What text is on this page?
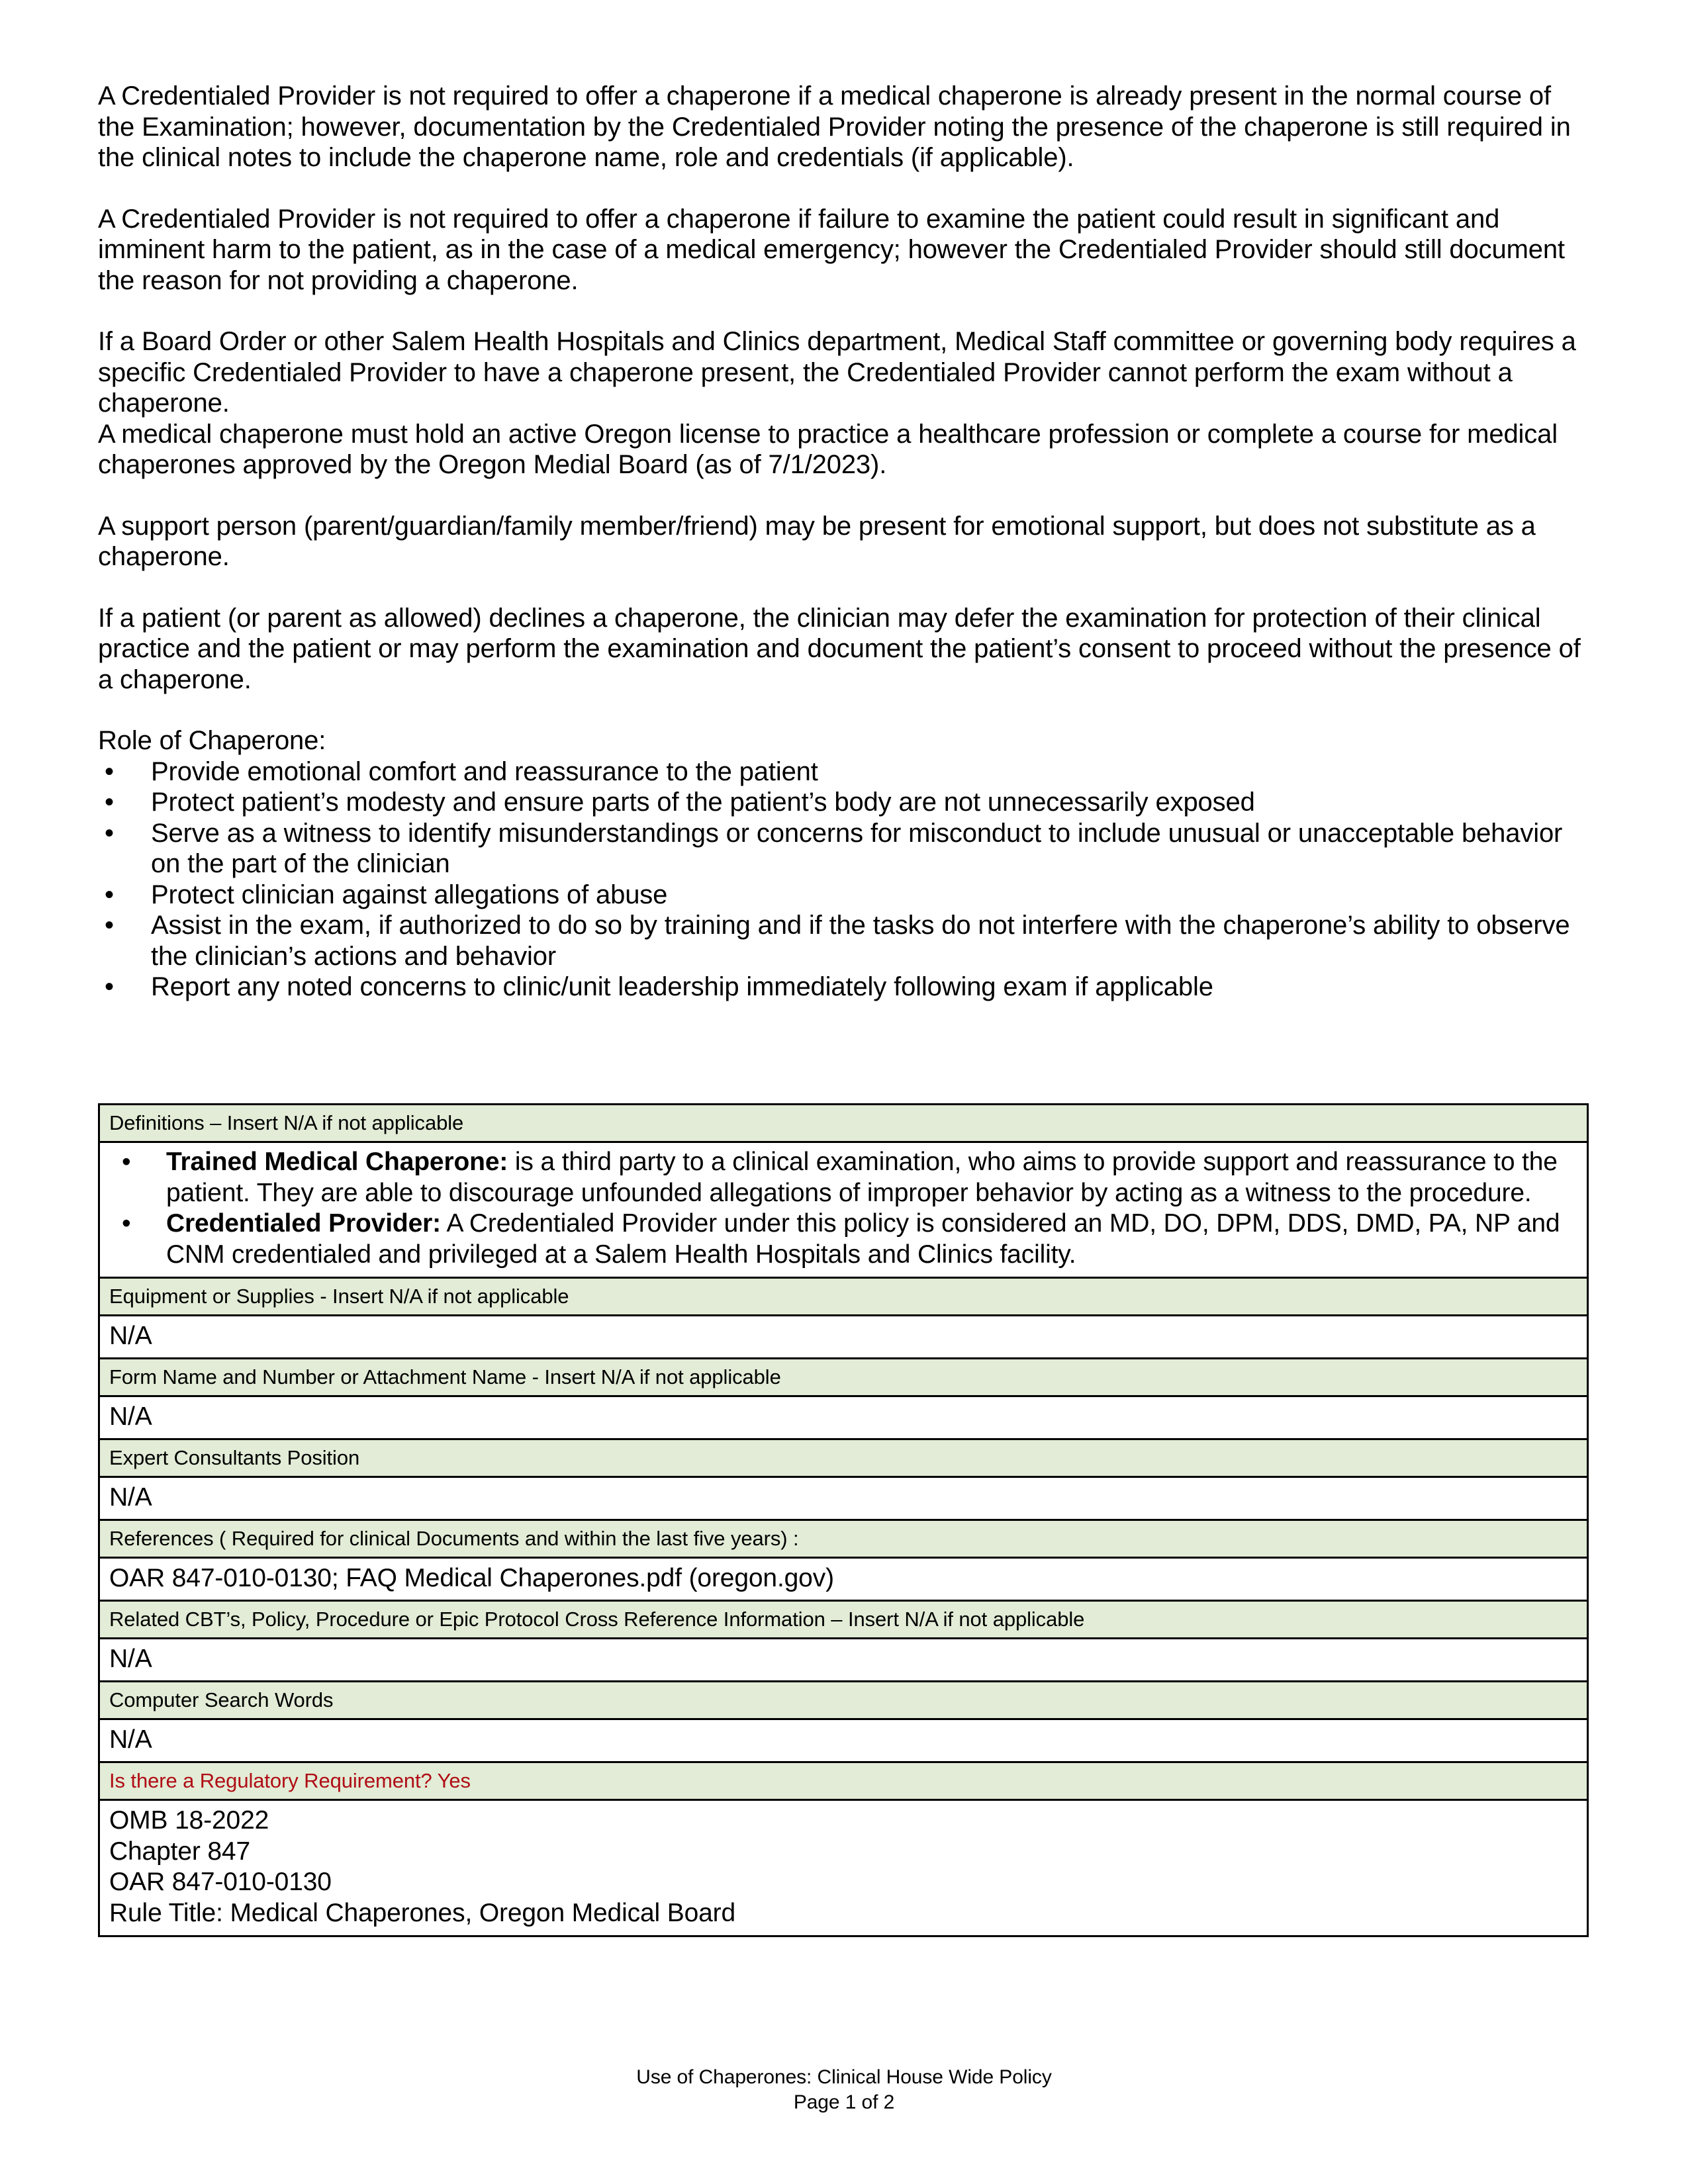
A Credentialed Provider is not required to offer a chaperone if a medical chaperone is already present in the normal course of the Examination; however, documentation by the Credentialed Provider noting the presence of the chaperone is still required in the clinical notes to include the chaperone name, role and credentials (if applicable).

A Credentialed Provider is not required to offer a chaperone if failure to examine the patient could result in significant and imminent harm to the patient, as in the case of a medical emergency; however the Credentialed Provider should still document the reason for not providing a chaperone.

If a Board Order or other Salem Health Hospitals and Clinics department, Medical Staff committee or governing body requires a specific Credentialed Provider to have a chaperone present, the Credentialed Provider cannot perform the exam without a chaperone.

A medical chaperone must hold an active Oregon license to practice a healthcare profession or complete a course for medical chaperones approved by the Oregon Medial Board (as of 7/1/2023).

A support person (parent/guardian/family member/friend) may be present for emotional support, but does not substitute as a chaperone.

If a patient (or parent as allowed) declines a chaperone, the clinician may defer the examination for protection of their clinical practice and the patient or may perform the examination and document the patient’s consent to proceed without the presence of a chaperone.

Role of Chaperone:

• Provide emotional comfort and reassurance to the patient
• Protect patient’s modesty and ensure parts of the patient’s body are not unnecessarily exposed
• Serve as a witness to identify misunderstandings or concerns for misconduct to include unusual or unacceptable behavior on the part of the clinician
• Protect clinician against allegations of abuse
• Assist in the exam, if authorized to do so by training and if the tasks do not interfere with the chaperone’s ability to observe the clinician’s actions and behavior
• Report any noted concerns to clinic/unit leadership immediately following exam if applicable
Definitions – Insert N/A if not applicable

• Trained Medical Chaperone: is a third party to a clinical examination, who aims to provide support and reassurance to the patient. They are able to discourage unfounded allegations of improper behavior by acting as a witness to the procedure.
• Credentialed Provider: A Credentialed Provider under this policy is considered an MD, DO, DPM, DDS, DMD, PA, NP and CNM credentialed and privileged at a Salem Health Hospitals and Clinics facility.

Equipment or Supplies - Insert N/A if not applicable
N/A
Form Name and Number or Attachment Name - Insert N/A if not applicable
N/A
Expert Consultants Position
N/A
References ( Required for clinical Documents and within the last five years) :
OAR 847-010-0130; FAQ Medical Chaperones.pdf (oregon.gov)
Related CBT’s, Policy, Procedure or Epic Protocol Cross Reference Information – Insert N/A if not applicable
N/A
Computer Search Words
N/A
Is there a Regulatory Requirement? Yes

OMB 18-2022
Chapter 847
OAR 847-010-0130
Rule Title: Medical Chaperones, Oregon Medical Board
Use of Chaperones: Clinical House Wide Policy
Page 1 of 2
